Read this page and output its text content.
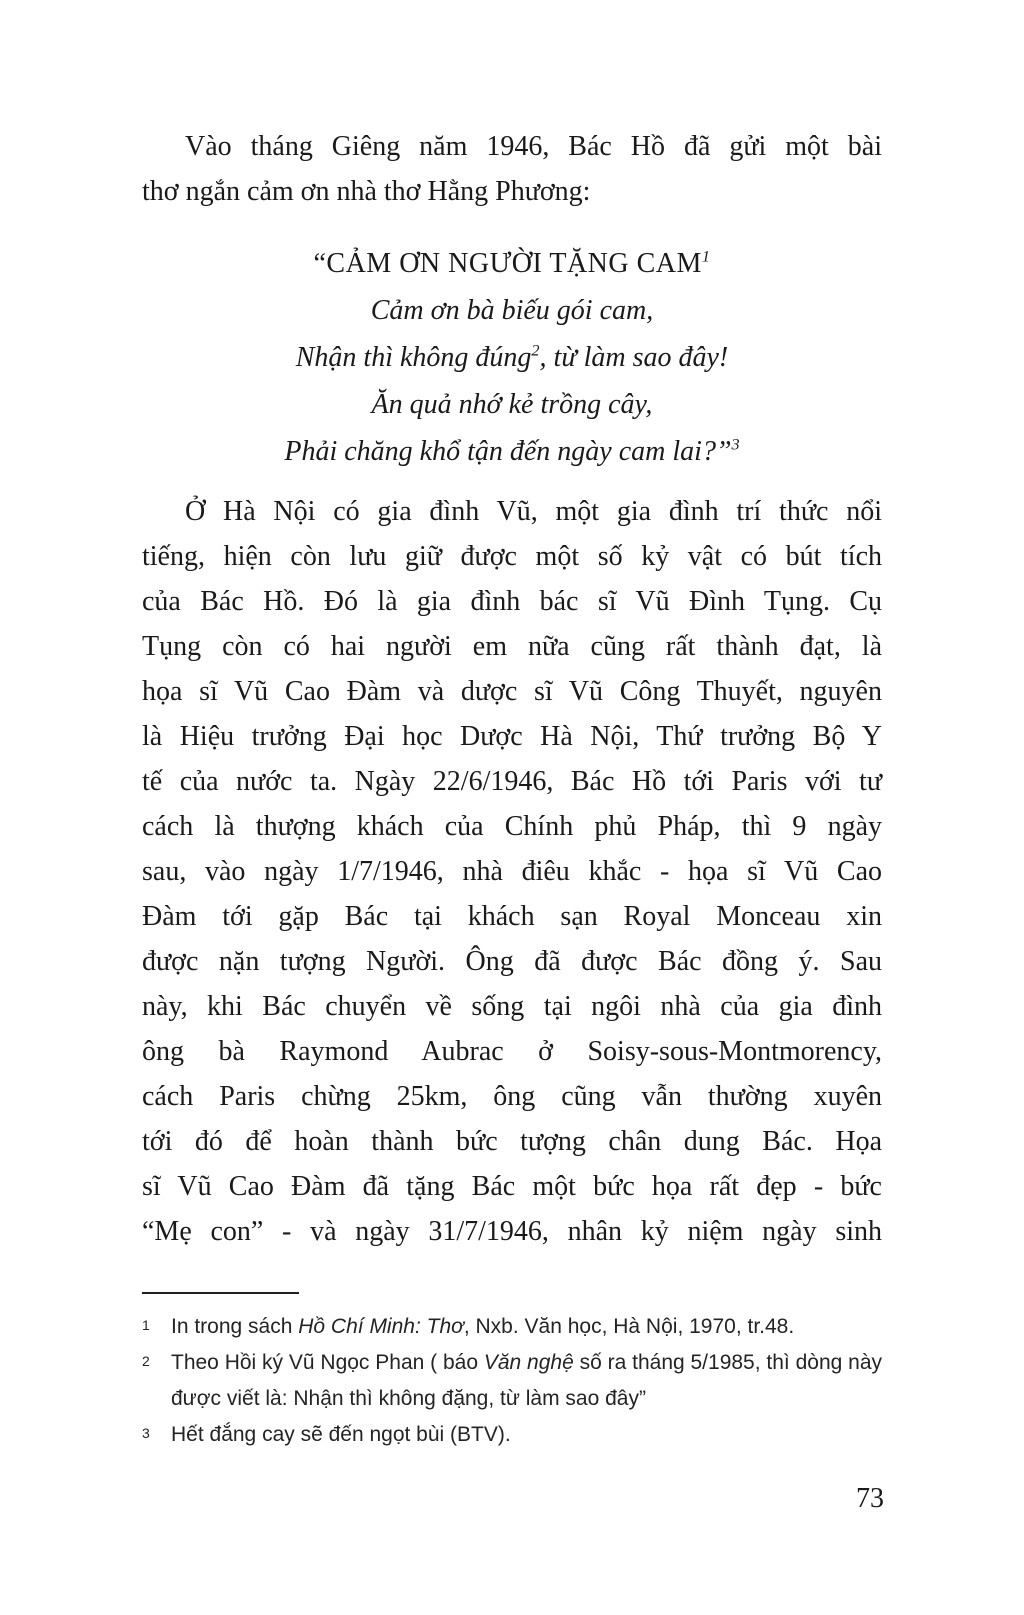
Vào tháng Giêng năm 1946, Bác Hồ đã gửi một bài
thơ ngắn cảm ơn nhà thơ Hằng Phương:
“CẢM ƠN NGƯỜI TẶNG CAM$^1$
Cảm ơn bà biếu gói cam,
Nhận thì không đúng$^2$, từ làm sao đây!
Ăn quả nhớ kẻ trồng cây,
Phải chăng khổ tận đến ngày cam lai?”$^3$
Ở Hà Nội có gia đình Vũ, một gia đình trí thức nổi
tiếng, hiện còn lưu giữ được một số kỷ vật có bút tích
của Bác Hồ. Đó là gia đình bác sĩ Vũ Đình Tụng. Cụ
Tụng còn có hai người em nữa cũng rất thành đạt, là
họa sĩ Vũ Cao Đàm và dược sĩ Vũ Công Thuyết, nguyên
là Hiệu trưởng Đại học Dược Hà Nội, Thứ trưởng Bộ Y
tế của nước ta. Ngày 22/6/1946, Bác Hồ tới Paris với tư
cách là thượng khách của Chính phủ Pháp, thì 9 ngày
sau, vào ngày 1/7/1946, nhà điêu khắc - họa sĩ Vũ Cao
Đàm tới gặp Bác tại khách sạn Royal Monceau xin
được nặn tượng Người. Ông đã được Bác đồng ý. Sau
này, khi Bác chuyển về sống tại ngôi nhà của gia đình
ông bà Raymond Aubrac ở Soisy-sous-Montmorency,
cách Paris chừng 25km, ông cũng vẫn thường xuyên
tới đó để hoàn thành bức tượng chân dung Bác. Họa
sĩ Vũ Cao Đàm đã tặng Bác một bức họa rất đẹp - bức
“Mẹ con” - và ngày 31/7/1946, nhân kỷ niệm ngày sinh
1	In trong sách Hồ Chí Minh: Thơ, Nxb. Văn học, Hà Nội, 1970, tr.48.
2	Theo Hồi ký Vũ Ngọc Phan ( báo Văn nghệ số ra tháng 5/1985, thì dòng này được viết là: Nhận thì không đặng, từ làm sao đây”
3	Hết đắng cay sẽ đến ngọt bùi (BTV).
73
